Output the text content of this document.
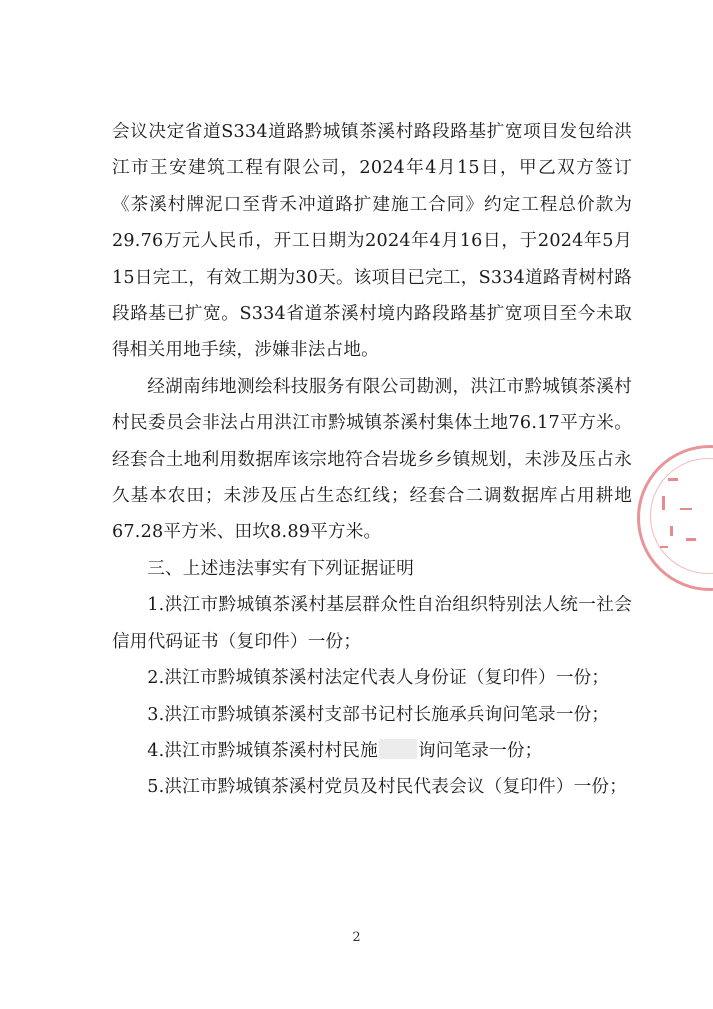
会议决定省道S334道路黔城镇茶溪村路段路基扩宽项目发包给洪江市王安建筑工程有限公司，2024年4月15日，甲乙双方签订《茶溪村牌泥口至背禾冲道路扩建施工合同》约定工程总价款为29.76万元人民币，开工日期为2024年4月16日，于2024年5月15日完工，有效工期为30天。该项目已完工，S334道路青树村路段路基已扩宽。S334省道茶溪村境内路段路基扩宽项目至今未取得相关用地手续，涉嫌非法占地。

经湖南纬地测绘科技服务有限公司勘测，洪江市黔城镇茶溪村村民委员会非法占用洪江市黔城镇茶溪村集体土地76.17平方米。经套合土地利用数据库该宗地符合岩垅乡乡镇规划，未涉及压占永久基本农田；未涉及压占生态红线；经套合二调数据库占用耕地67.28平方米、田坎8.89平方米。

三、上述违法事实有下列证据证明

1.洪江市黔城镇茶溪村基层群众性自治组织特别法人统一社会信用代码证书（复印件）一份；

2.洪江市黔城镇茶溪村法定代表人身份证（复印件）一份；

3.洪江市黔城镇茶溪村支部书记村长施承兵询问笔录一份；

4.洪江市黔城镇茶溪村村民施 询问笔录一份；

5.洪江市黔城镇茶溪村党员及村民代表会议（复印件）一份；

2
